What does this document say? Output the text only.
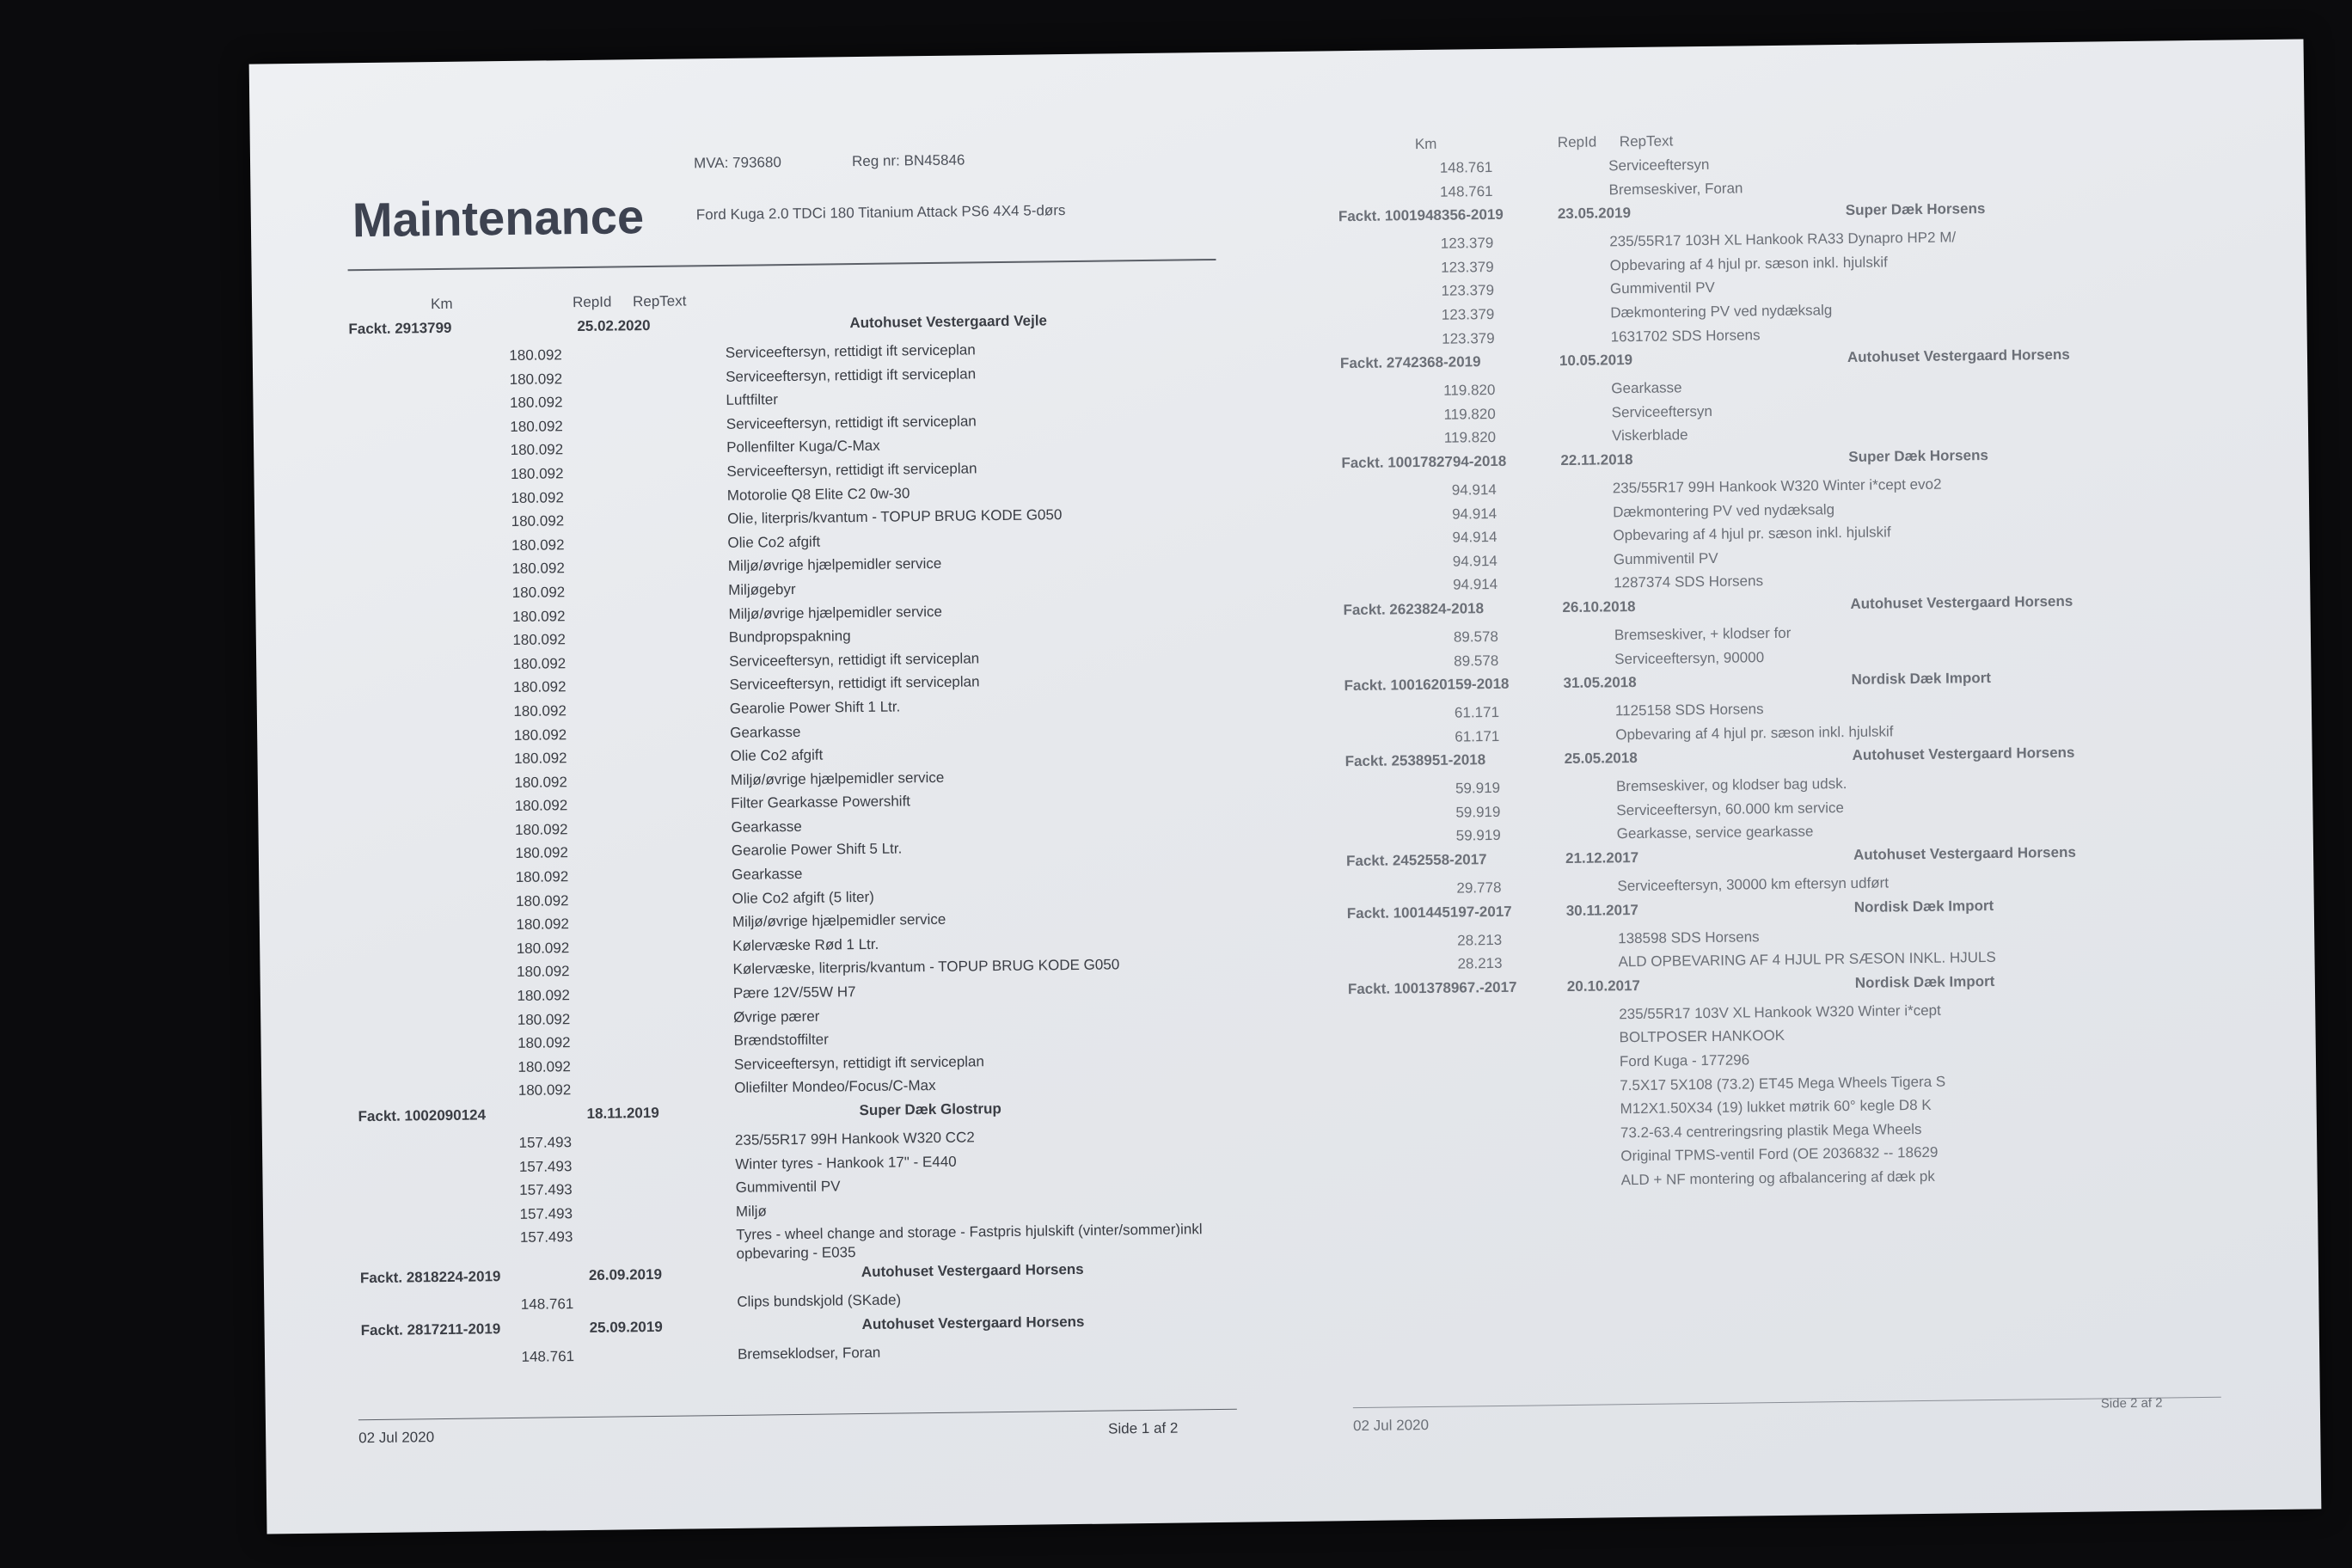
Maintenance
MVA: 793680	Reg nr: BN45846
Ford Kuga 2.0 TDCi 180 Titanium Attack PS6 4X4 5-dørs
Km	RepId RepText
Fackt. 2913799	25.02.2020	Autohuset Vestergaard Vejle
180.092	Serviceeftersyn, rettidigt ift serviceplan
180.092	Serviceeftersyn, rettidigt ift serviceplan
180.092	Luftfilter
180.092	Serviceeftersyn, rettidigt ift serviceplan
180.092	Pollenfilter Kuga/C-Max
180.092	Serviceeftersyn, rettidigt ift serviceplan
180.092	Motorolie Q8 Elite C2 0w-30
180.092	Olie, literpris/kvantum - TOPUP BRUG KODE G050
180.092	Olie Co2 afgift
180.092	Miljø/øvrige hjælpemidler service
180.092	Miljøgebyr
180.092	Miljø/øvrige hjælpemidler service
180.092	Bundpropspakning
180.092	Serviceeftersyn, rettidigt ift serviceplan
180.092	Serviceeftersyn, rettidigt ift serviceplan
180.092	Gearolie Power Shift 1 Ltr.
180.092	Gearkasse
180.092	Olie Co2 afgift
180.092	Miljø/øvrige hjælpemidler service
180.092	Filter Gearkasse Powershift
180.092	Gearkasse
180.092	Gearolie Power Shift 5 Ltr.
180.092	Gearkasse
180.092	Olie Co2 afgift (5 liter)
180.092	Miljø/øvrige hjælpemidler service
180.092	Kølervæske Rød 1 Ltr.
180.092	Kølervæske, literpris/kvantum - TOPUP BRUG KODE G050
180.092	Pære 12V/55W H7
180.092	Øvrige pærer
180.092	Brændstoffilter
180.092	Serviceeftersyn, rettidigt ift serviceplan
180.092	Oliefilter Mondeo/Focus/C-Max
Fackt. 1002090124	18.11.2019	Super Dæk Glostrup
157.493	235/55R17 99H Hankook W320 CC2
157.493	Winter tyres - Hankook 17" - E440
157.493	Gummiventil PV
157.493	Miljø
157.493	Tyres - wheel change and storage - Fastpris hjulskift (vinter/sommer)inkl opbevaring - E035
Fackt. 2818224-2019	26.09.2019	Autohuset Vestergaard Horsens
148.761	Clips bundskjold (SKade)
Fackt. 2817211-2019	25.09.2019	Autohuset Vestergaard Horsens
148.761	Bremseklodser, Foran
02 Jul 2020
Side 1 af 2
Km	RepId RepText
148.761	Serviceeftersyn
148.761	Bremseskiver, Foran
Fackt. 1001948356-2019	23.05.2019	Super Dæk Horsens
123.379	235/55R17 103H XL Hankook RA33 Dynapro HP2 M/
123.379	Opbevaring af 4 hjul pr. sæson inkl. hjulskif
123.379	Gummiventil PV
123.379	Dækmontering PV ved nydæksalg
123.379	1631702 SDS Horsens
Fackt. 2742368-2019	10.05.2019	Autohuset Vestergaard Horsens
119.820	Gearkasse
119.820	Serviceeftersyn
119.820	Viskerblade
Fackt. 1001782794-2018	22.11.2018	Super Dæk Horsens
94.914	235/55R17 99H Hankook W320 Winter i*cept evo2
94.914	Dækmontering PV ved nydæksalg
94.914	Opbevaring af 4 hjul pr. sæson inkl. hjulskif
94.914	Gummiventil PV
94.914	1287374 SDS Horsens
Fackt. 2623824-2018	26.10.2018	Autohuset Vestergaard Horsens
89.578	Bremseskiver, + klodser for
89.578	Serviceeftersyn, 90000
Fackt. 1001620159-2018	31.05.2018	Nordisk Dæk Import
61.171	1125158 SDS Horsens
61.171	Opbevaring af 4 hjul pr. sæson inkl. hjulskif
Fackt. 2538951-2018	25.05.2018	Autohuset Vestergaard Horsens
59.919	Bremseskiver, og klodser bag udsk.
59.919	Serviceeftersyn, 60.000 km service
59.919	Gearkasse, service gearkasse
Fackt. 2452558-2017	21.12.2017	Autohuset Vestergaard Horsens
29.778	Serviceeftersyn, 30000 km eftersyn udført
Fackt. 1001445197-2017	30.11.2017	Nordisk Dæk Import
28.213	138598 SDS Horsens
28.213	ALD OPBEVARING AF 4 HJUL PR SÆSON INKL. HJULS
Fackt. 1001378967.-2017	20.10.2017	Nordisk Dæk Import
235/55R17 103V XL Hankook W320 Winter i*cept
BOLTPOSER HANKOOK
Ford Kuga - 177296
7.5X17 5X108 (73.2) ET45 Mega Wheels Tigera S
M12X1.50X34 (19) lukket møtrik 60° kegle D8 K
73.2-63.4 centreringsring plastik Mega Wheels
Original TPMS-ventil Ford (OE 2036832 -- 18629
ALD + NF montering og afbalancering af dæk pk
02 Jul 2020
Side 2 af 2
